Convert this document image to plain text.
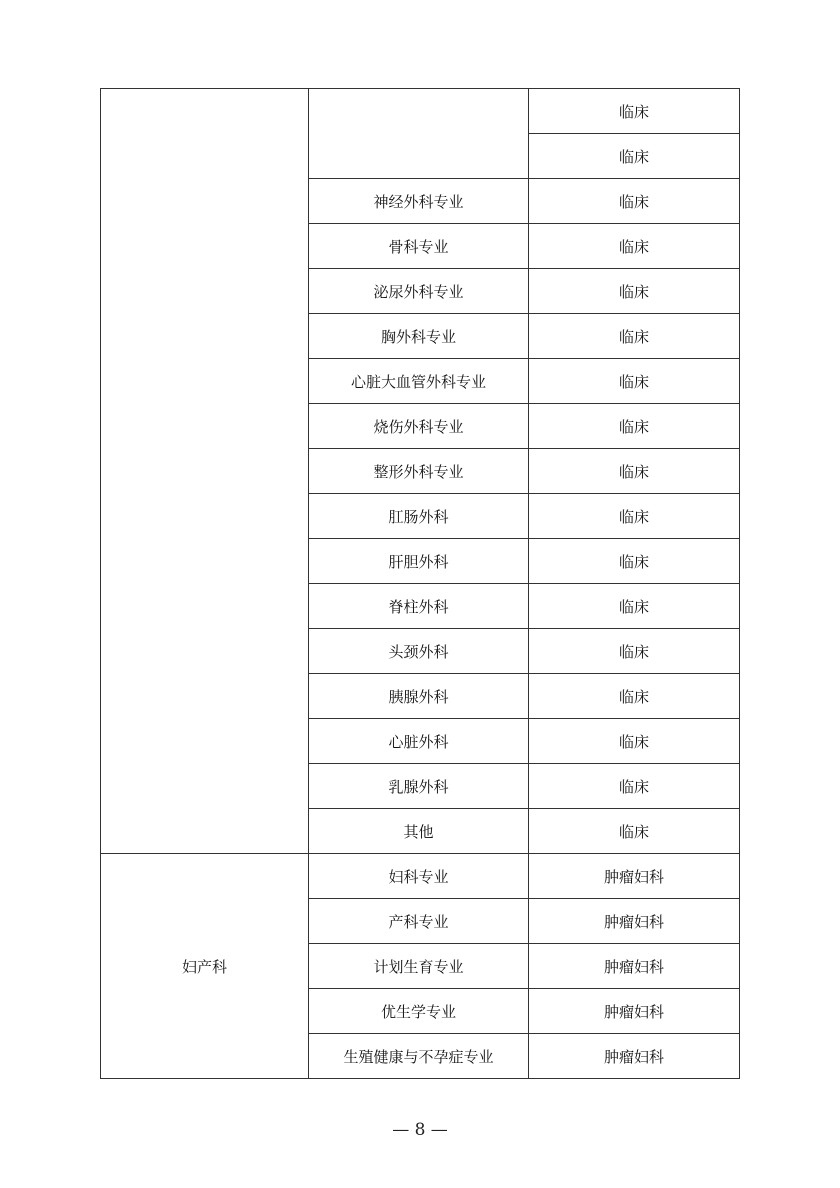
		临床
		临床
	神经外科专业	临床
	骨科专业	临床
	泌尿外科专业	临床
	胸外科专业	临床
	心脏大血管外科专业	临床
	烧伤外科专业	临床
	整形外科专业	临床
	肛肠外科	临床
	肝胆外科	临床
	脊柱外科	临床
	头颈外科	临床
	胰腺外科	临床
	心脏外科	临床
	乳腺外科	临床
	其他	临床
妇产科	妇科专业	肿瘤妇科
	产科专业	肿瘤妇科
	计划生育专业	肿瘤妇科
	优生学专业	肿瘤妇科
	生殖健康与不孕症专业	肿瘤妇科
— 8 —
